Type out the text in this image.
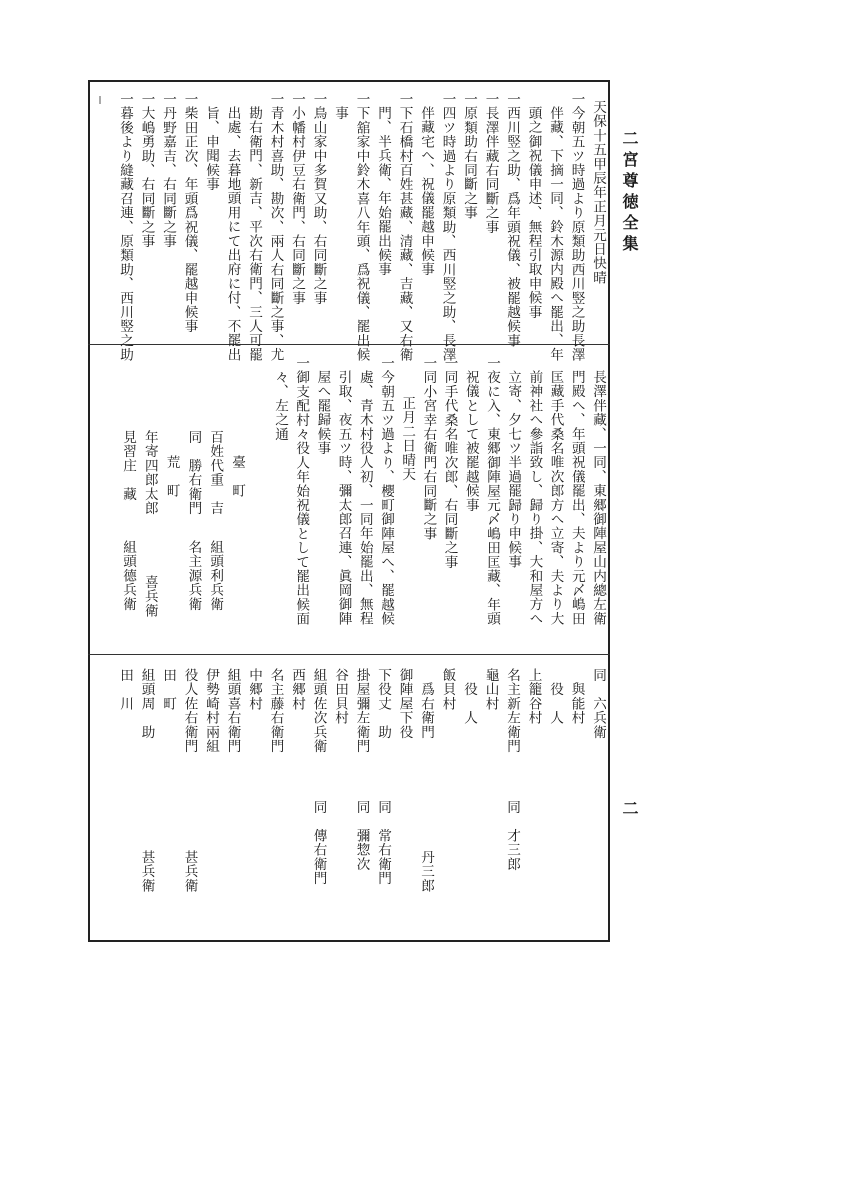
二宮尊徳全集
二
天保十五甲辰年正月元日快晴
一今朝五ツ時過より原類助西川竪之助長澤
伴藏、下摘一同、鈴木源内殿へ罷出、年
頭之御祝儀申述、無程引取申候事
一西川竪之助、爲年頭祝儀、被罷越候事
一長澤伴藏右同斷之事
一原類助右同斷之事
一四ツ時過より原類助、西川竪之助、長澤
伴藏宅へ、祝儀罷越申候事
一下石橋村百姓甚藏、清藏、吉藏、又右衛
門、半兵衛、年始罷出候事
一下舘家中鈴木喜八年頭、爲祝儀、罷出候
事
一鳥山家中多賀又助、右同斷之事
一小幡村伊豆右衛門、右同斷之事
一青木村喜助、勘次、兩人右同斷之事、尤
勘右衛門、新吉、平次右衛門、三人可罷
出處、去暮地頭用にて出府に付、不罷出
旨、申聞候事
一柴田正次、年頭爲祝儀、罷越申候事
一丹野嘉吉、右同斷之事
一大嶋勇助、右同斷之事
一暮後より縫藏召連、原類助、西川竪之助
長澤伴藏、一同、東郷御陣屋山内總左衛
門殿へ、年頭祝儀罷出、夫より元〆嶋田
匡藏手代桑名唯次郎方へ立寄、夫より大
前神社へ參詣致し、歸り掛、大和屋方へ
立寄、夕七ツ半過罷歸り申候事
一夜に入、東郷御陣屋元〆嶋田匡藏、年頭
祝儀として被罷越候事
一同手代桑名唯次郎、右同斷之事
一同小宮幸右衛門右同斷之事
正月二日晴天
一今朝五ツ過より、櫻町御陣屋へ、罷越候
處、青木村役人初、一同年始罷出、無程
引取、夜五ツ時、彌太郎召連、眞岡御陣
屋へ罷歸候事
一御支配村々役人年始祝儀として罷出候面
々、左之通
臺　町
百姓代重　吉
組頭利兵衛
同　勝右衛門
名主源兵衛
荒　町
年寄四郎太郎
喜兵衛
見習庄　藏
組頭德兵衛
同　六兵衛
　與能村
　役　人
上籠谷村
名主新左衛門
同　才三郎
龜山村
　役　人
飯貝村
　爲右衛門
丹三郎
御陣屋下役
下役丈　助
同　常右衛門
掛屋彌左衛門
同　彌惣次
谷田貝村
組頭佐次兵衛
同　傳右衛門
西郷村
名主藤右衛門
中郷村
組頭喜右衛門
伊勢崎村兩組
役人佐右衛門
甚兵衛
田　町
組頭周　助
甚兵衛
田　川
